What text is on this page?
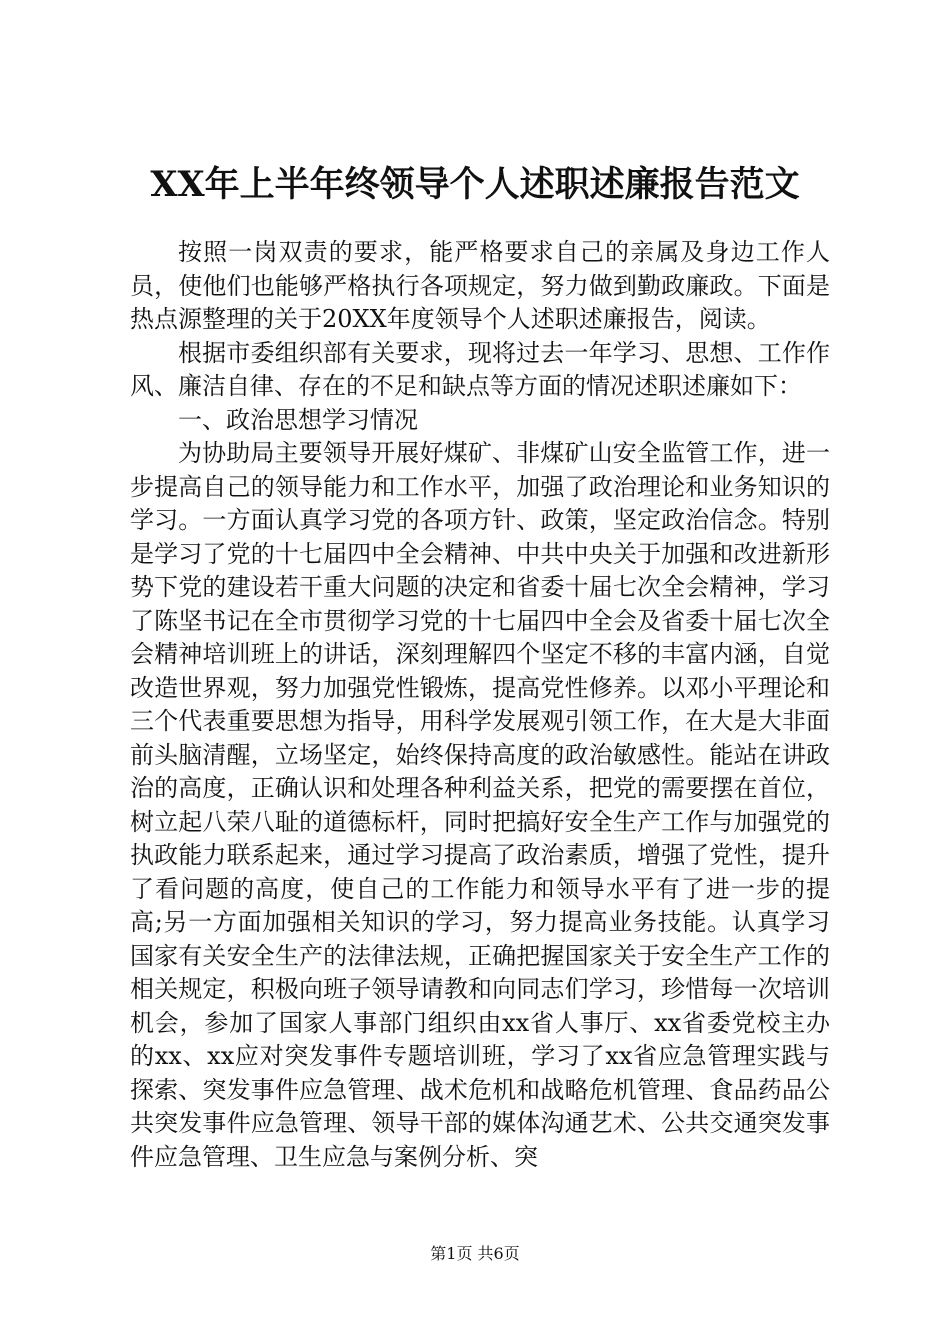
XX年上半年终领导个人述职述廉报告范文

按照一岗双责的要求，能严格要求自己的亲属及身边工作人员，使他们也能够严格执行各项规定，努力做到勤政廉政。下面是热点源整理的关于20XX年度领导个人述职述廉报告，阅读。

根据市委组织部有关要求，现将过去一年学习、思想、工作作风、廉洁自律、存在的不足和缺点等方面的情况述职述廉如下：

一、政治思想学习情况

为协助局主要领导开展好煤矿、非煤矿山安全监管工作，进一步提高自己的领导能力和工作水平，加强了政治理论和业务知识的学习。一方面认真学习党的各项方针、政策，坚定政治信念。特别是学习了党的十七届四中全会精神、中共中央关于加强和改进新形势下党的建设若干重大问题的决定和省委十届七次全会精神，学习了陈坚书记在全市贯彻学习党的十七届四中全会及省委十届七次全会精神培训班上的讲话，深刻理解四个坚定不移的丰富内涵，自觉改造世界观，努力加强党性锻炼，提高党性修养。以邓小平理论和三个代表重要思想为指导，用科学发展观引领工作，在大是大非面前头脑清醒，立场坚定，始终保持高度的政治敏感性。能站在讲政治的高度，正确认识和处理各种利益关系，把党的需要摆在首位，树立起八荣八耻的道德标杆，同时把搞好安全生产工作与加强党的执政能力联系起来，通过学习提高了政治素质，增强了党性，提升了看问题的高度，使自己的工作能力和领导水平有了进一步的提高;另一方面加强相关知识的学习，努力提高业务技能。认真学习国家有关安全生产的法律法规，正确把握国家关于安全生产工作的相关规定，积极向班子领导请教和向同志们学习，珍惜每一次培训机会，参加了国家人事部门组织由xx省人事厅、xx省委党校主办的xx、xx应对突发事件专题培训班，学习了xx省应急管理实践与探索、突发事件应急管理、战术危机和战略危机管理、食品药品公共突发事件应急管理、领导干部的媒体沟通艺术、公共交通突发事件应急管理、卫生应急与案例分析、突

第1页 共6页
